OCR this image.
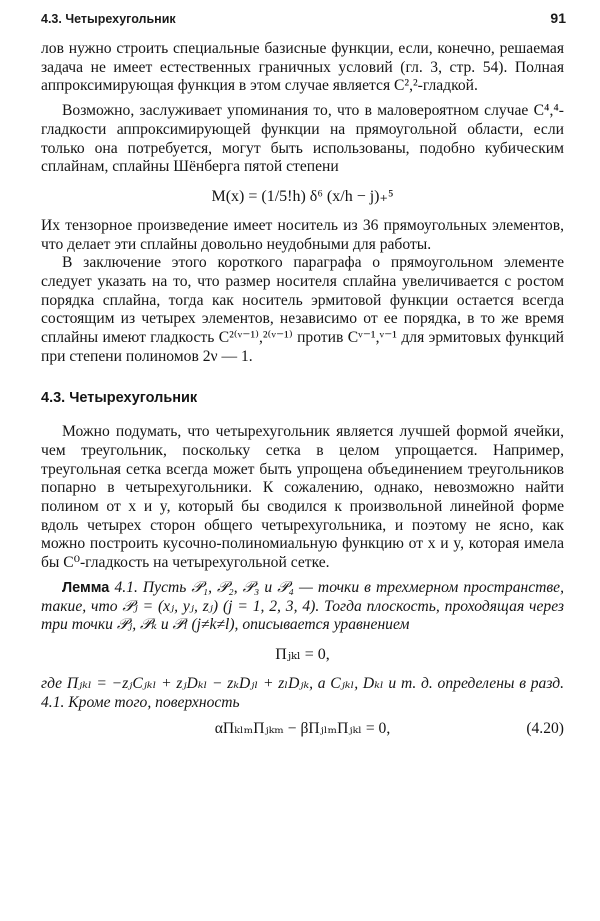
4.3. Четырехугольник	91

лов нужно строить специальные базисные функции, если, конечно, решаемая задача не имеет естественных граничных условий (гл. 3, стр. 54). Полная аппроксимирующая функция в этом случае является C²,²-гладкой.

Возможно, заслуживает упоминания то, что в маловероятном случае C⁴,⁴-гладкости аппроксимирующей функции на прямоугольной области, если только она потребуется, могут быть использованы, подобно кубическим сплайнам, сплайны Шёнберга пятой степени

M(x) = (1/5!h) δ⁶ (x/h − j)₊⁵

Их тензорное произведение имеет носитель из 36 прямоугольных элементов, что делает эти сплайны довольно неудобными для работы.

В заключение этого короткого параграфа о прямоугольном элементе следует указать на то, что размер носителя сплайна увеличивается с ростом порядка сплайна, тогда как носитель эрмитовой функции остается всегда состоящим из четырех элементов, независимо от ее порядка, в то же время сплайны имеют гладкость C²⁽ᵛ⁻¹⁾,²⁽ᵛ⁻¹⁾ против Cᵛ⁻¹,ᵛ⁻¹ для эрмитовых функций при степени полиномов 2ν — 1.

4.3. Четырехугольник

Можно подумать, что четырехугольник является лучшей формой ячейки, чем треугольник, поскольку сетка в целом упрощается. Например, треугольная сетка всегда может быть упрощена объединением треугольников попарно в четырехугольники. К сожалению, однако, невозможно найти полином от x и y, который бы сводился к произвольной линейной форме вдоль четырех сторон общего четырехугольника, и поэтому не ясно, как можно построить кусочно-полиномиальную функцию от x и y, которая имела бы C⁰-гладкость на четырехугольной сетке.

Лемма 4.1. Пусть 𝒫₁, 𝒫₂, 𝒫₃ и 𝒫₄ — точки в трехмерном пространстве, такие, что 𝒫ⱼ = (xⱼ, yⱼ, zⱼ) (j = 1, 2, 3, 4). Тогда плоскость, проходящая через три точки 𝒫ⱼ, 𝒫ₖ и 𝒫ₗ (j≠k≠l), описывается уравнением

Πⱼₖₗ = 0,

где Πⱼₖₗ = −zⱼCⱼₖₗ + zⱼDₖₗ − zₖDⱼₗ + zₗDⱼₖ, а Cⱼₖₗ, Dₖₗ и т. д. определены в разд. 4.1. Кроме того, поверхность

αΠₖₗₘΠⱼₖₘ − βΠⱼₗₘΠⱼₖₗ = 0,	(4.20)
